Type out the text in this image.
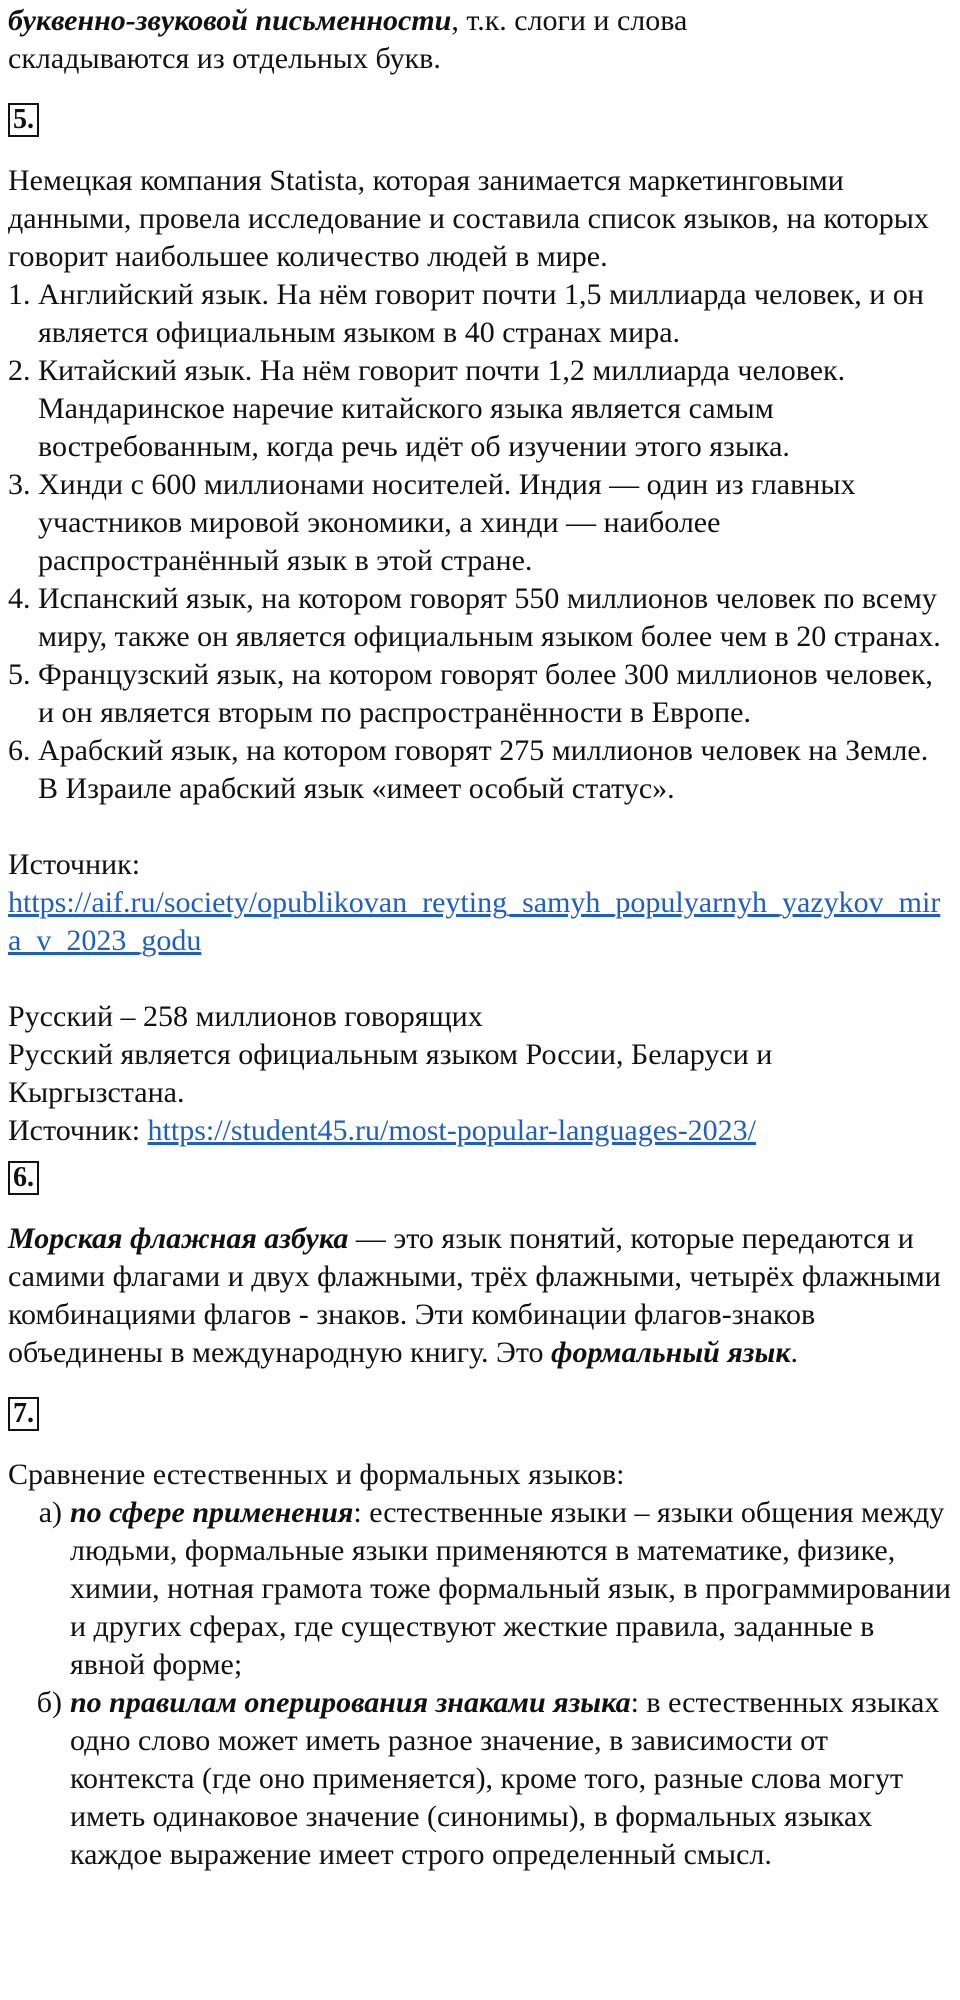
буквенно-звуковой письменности, т.к. слоги и слова
складываются из отдельных букв.

5.

Немецкая компания Statista, которая занимается маркетинговыми данными, провела исследование и составила список языков, на которых говорит наибольшее количество людей в мире.

1. Английский язык. На нём говорит почти 1,5 миллиарда человек, и он является официальным языком в 40 странах мира.
2. Китайский язык. На нём говорит почти 1,2 миллиарда человек. Мандаринское наречие китайского языка является самым востребованным, когда речь идёт об изучении этого языка.
3. Хинди с 600 миллионами носителей. Индия — один из главных участников мировой экономики, а хинди — наиболее распространённый язык в этой стране.
4. Испанский язык, на котором говорят 550 миллионов человек по всему миру, также он является официальным языком более чем в 20 странах.
5. Французский язык, на котором говорят более 300 миллионов человек, и он является вторым по распространённости в Европе.
6. Арабский язык, на котором говорят 275 миллионов человек на Земле. В Израиле арабский язык «имеет особый статус».

Источник:
https://aif.ru/society/opublikovan_reyting_samyh_populyarnyh_yazykov_mira_v_2023_godu

Русский – 258 миллионов говорящих
Русский является официальным языком России, Беларуси и Кыргызстана.
Источник: https://student45.ru/most-popular-languages-2023/

6.

Морская флажная азбука — это язык понятий, которые передаются и самими флагами и двух флажными, трёх флажными, четырёх флажными комбинациями флагов - знаков. Эти комбинации флагов-знаков объединены в международную книгу. Это формальный язык.

7.

Сравнение естественных и формальных языков:

а) по сфере применения: естественные языки – языки общения между людьми, формальные языки применяются в математике, физике, химии, нотная грамота тоже формальный язык, в программировании и других сферах, где существуют жесткие правила, заданные в явной форме;
б) по правилам оперирования знаками языка: в естественных языках одно слово может иметь разное значение, в зависимости от контекста (где оно применяется), кроме того, разные слова могут иметь одинаковое значение (синонимы), в формальных языках каждое выражение имеет строго определенный смысл.
